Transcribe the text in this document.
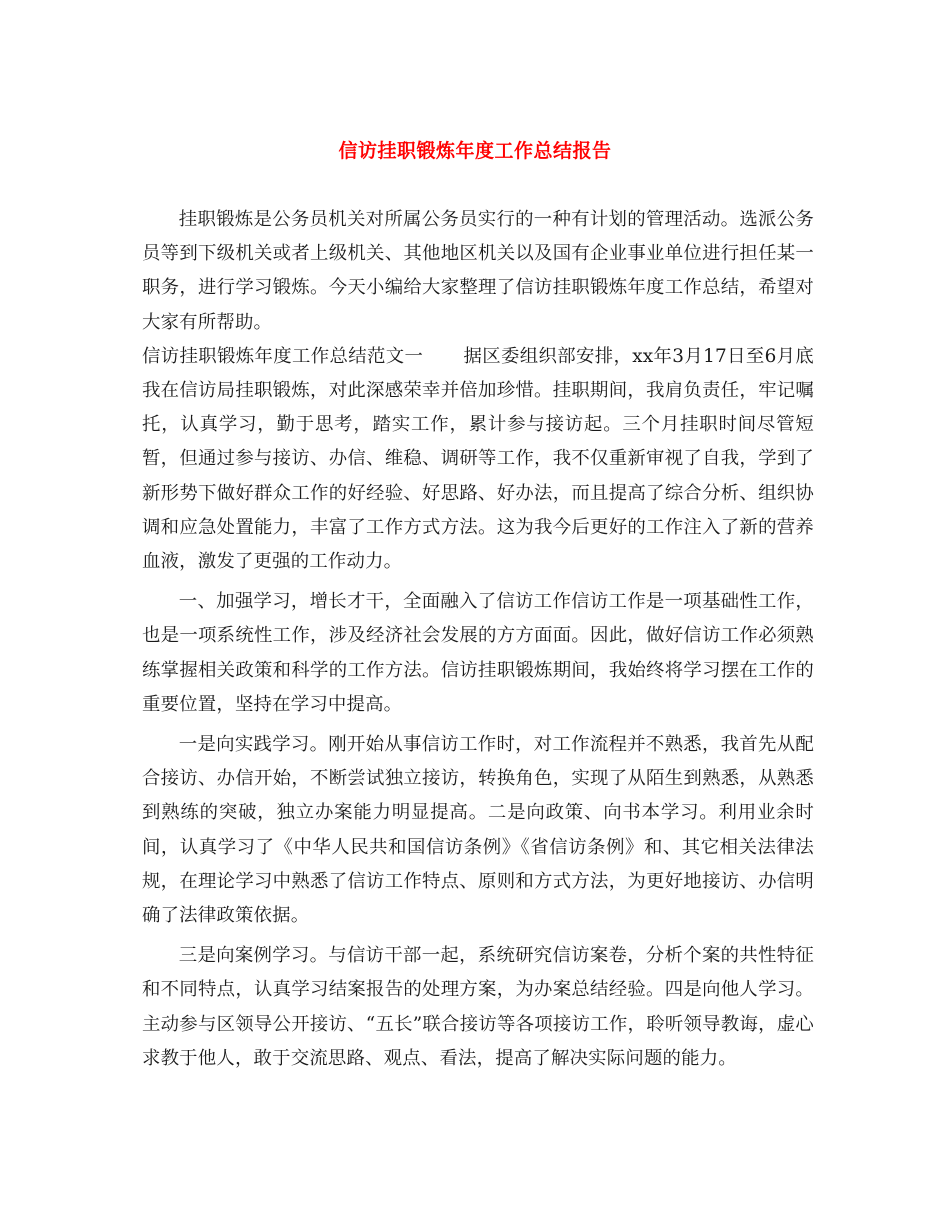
信访挂职锻炼年度工作总结报告

挂职锻炼是公务员机关对所属公务员实行的一种有计划的管理活动。选派公务员等到下级机关或者上级机关、其他地区机关以及国有企业事业单位进行担任某一职务，进行学习锻炼。今天小编给大家整理了信访挂职锻炼年度工作总结，希望对大家有所帮助。

信访挂职锻炼年度工作总结范文一 据区委组织部安排，xx年3月17日至6月底我在信访局挂职锻炼，对此深感荣幸并倍加珍惜。挂职期间，我肩负责任，牢记嘱托，认真学习，勤于思考，踏实工作，累计参与接访起。三个月挂职时间尽管短暂，但通过参与接访、办信、维稳、调研等工作，我不仅重新审视了自我，学到了新形势下做好群众工作的好经验、好思路、好办法，而且提高了综合分析、组织协调和应急处置能力，丰富了工作方式方法。这为我今后更好的工作注入了新的营养血液，激发了更强的工作动力。

一、加强学习，增长才干，全面融入了信访工作信访工作是一项基础性工作，也是一项系统性工作，涉及经济社会发展的方方面面。因此，做好信访工作必须熟练掌握相关政策和科学的工作方法。信访挂职锻炼期间，我始终将学习摆在工作的重要位置，坚持在学习中提高。

一是向实践学习。刚开始从事信访工作时，对工作流程并不熟悉，我首先从配合接访、办信开始，不断尝试独立接访，转换角色，实现了从陌生到熟悉，从熟悉到熟练的突破，独立办案能力明显提高。二是向政策、向书本学习。利用业余时间，认真学习了《中华人民共和国信访条例》《省信访条例》和、其它相关法律法规，在理论学习中熟悉了信访工作特点、原则和方式方法，为更好地接访、办信明确了法律政策依据。

三是向案例学习。与信访干部一起，系统研究信访案卷，分析个案的共性特征和不同特点，认真学习结案报告的处理方案，为办案总结经验。四是向他人学习。主动参与区领导公开接访、“五长”联合接访等各项接访工作，聆听领导教诲，虚心求教于他人，敢于交流思路、观点、看法，提高了解决实际问题的能力。
